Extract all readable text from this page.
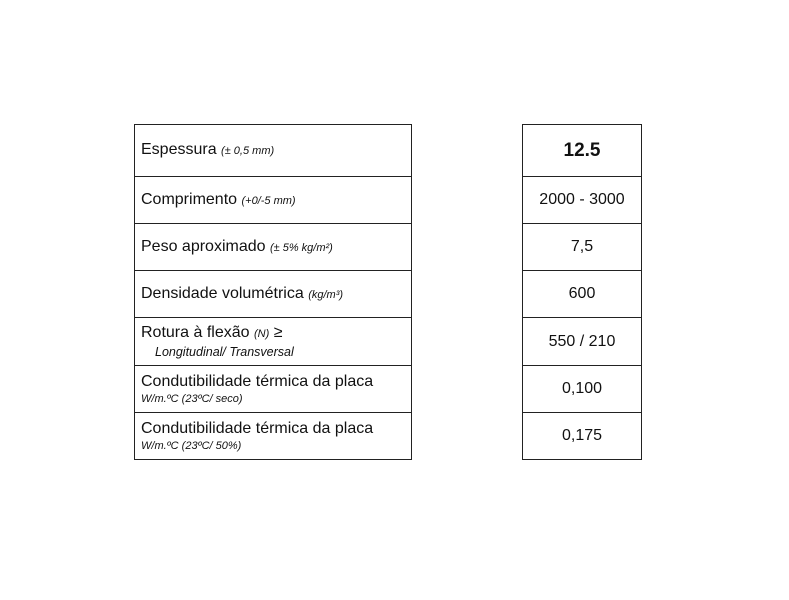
Espessura (± 0,5 mm)
Comprimento (+0/-5 mm)
Peso aproximado (± 5% kg/m²)
Densidade volumétrica (kg/m³)
Rotura à flexão (N) ≥
Longitudinal/ Transversal
Condutibilidade térmica da placa
W/m.ºC (23ºC/ seco)
Condutibilidade térmica da placa
W/m.ºC (23ºC/ 50%)
12.5
2000 - 3000
7,5
600
550 / 210
0,100
0,175
